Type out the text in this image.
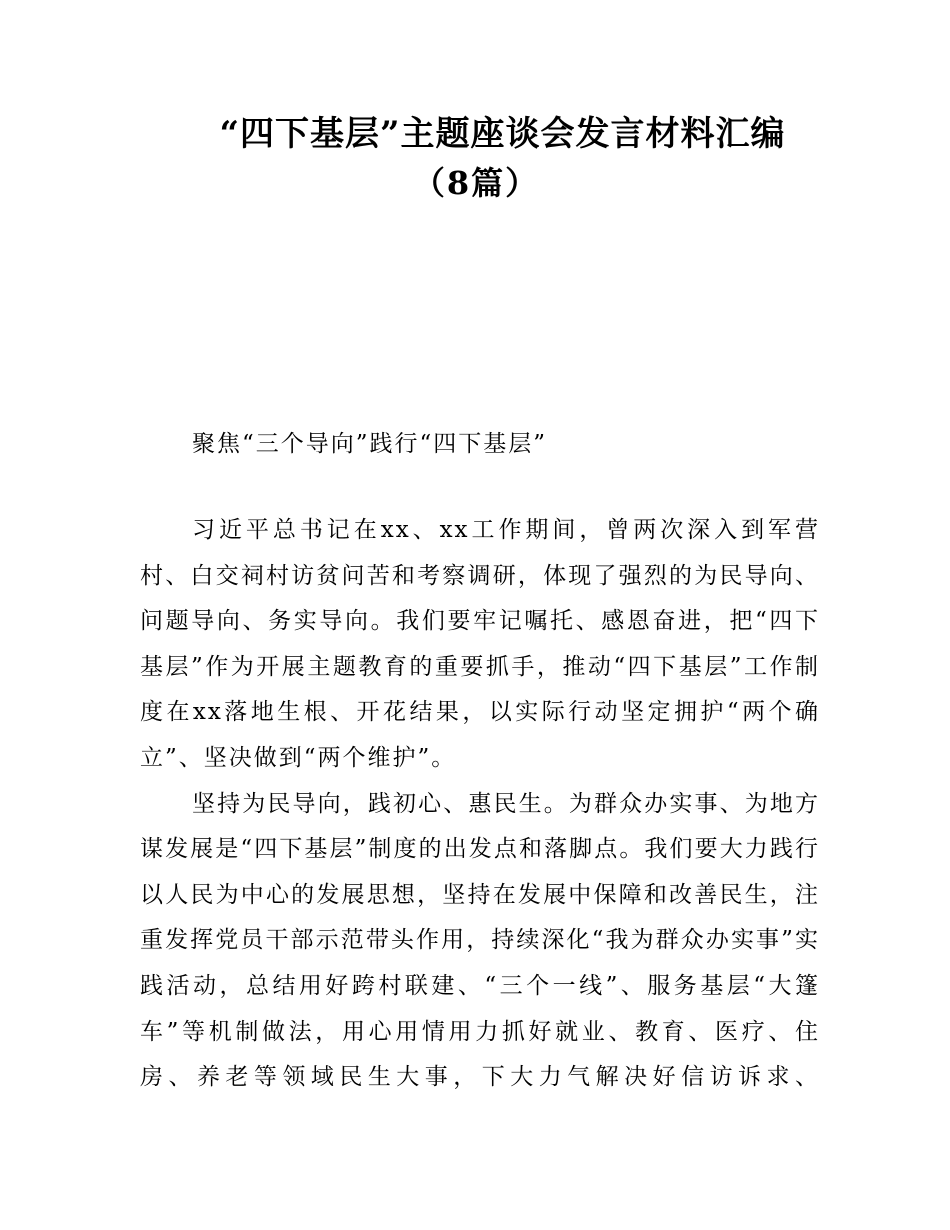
“四下基层”主题座谈会发言材料汇编
（8篇）

聚焦“三个导向”践行“四下基层”

习近平总书记在xx、xx工作期间，曾两次深入到军营村、白交祠村访贫问苦和考察调研，体现了强烈的为民导向、问题导向、务实导向。我们要牢记嘱托、感恩奋进，把“四下基层”作为开展主题教育的重要抓手，推动“四下基层”工作制度在xx落地生根、开花结果，以实际行动坚定拥护“两个确立”、坚决做到“两个维护”。

坚持为民导向，践初心、惠民生。为群众办实事、为地方谋发展是“四下基层”制度的出发点和落脚点。我们要大力践行以人民为中心的发展思想，坚持在发展中保障和改善民生，注重发挥党员干部示范带头作用，持续深化“我为群众办实事”实践活动，总结用好跨村联建、“三个一线”、服务基层“大篷车”等机制做法，用心用情用力抓好就业、教育、医疗、住房、养老等领域民生大事，下大力气解决好信访诉求、
